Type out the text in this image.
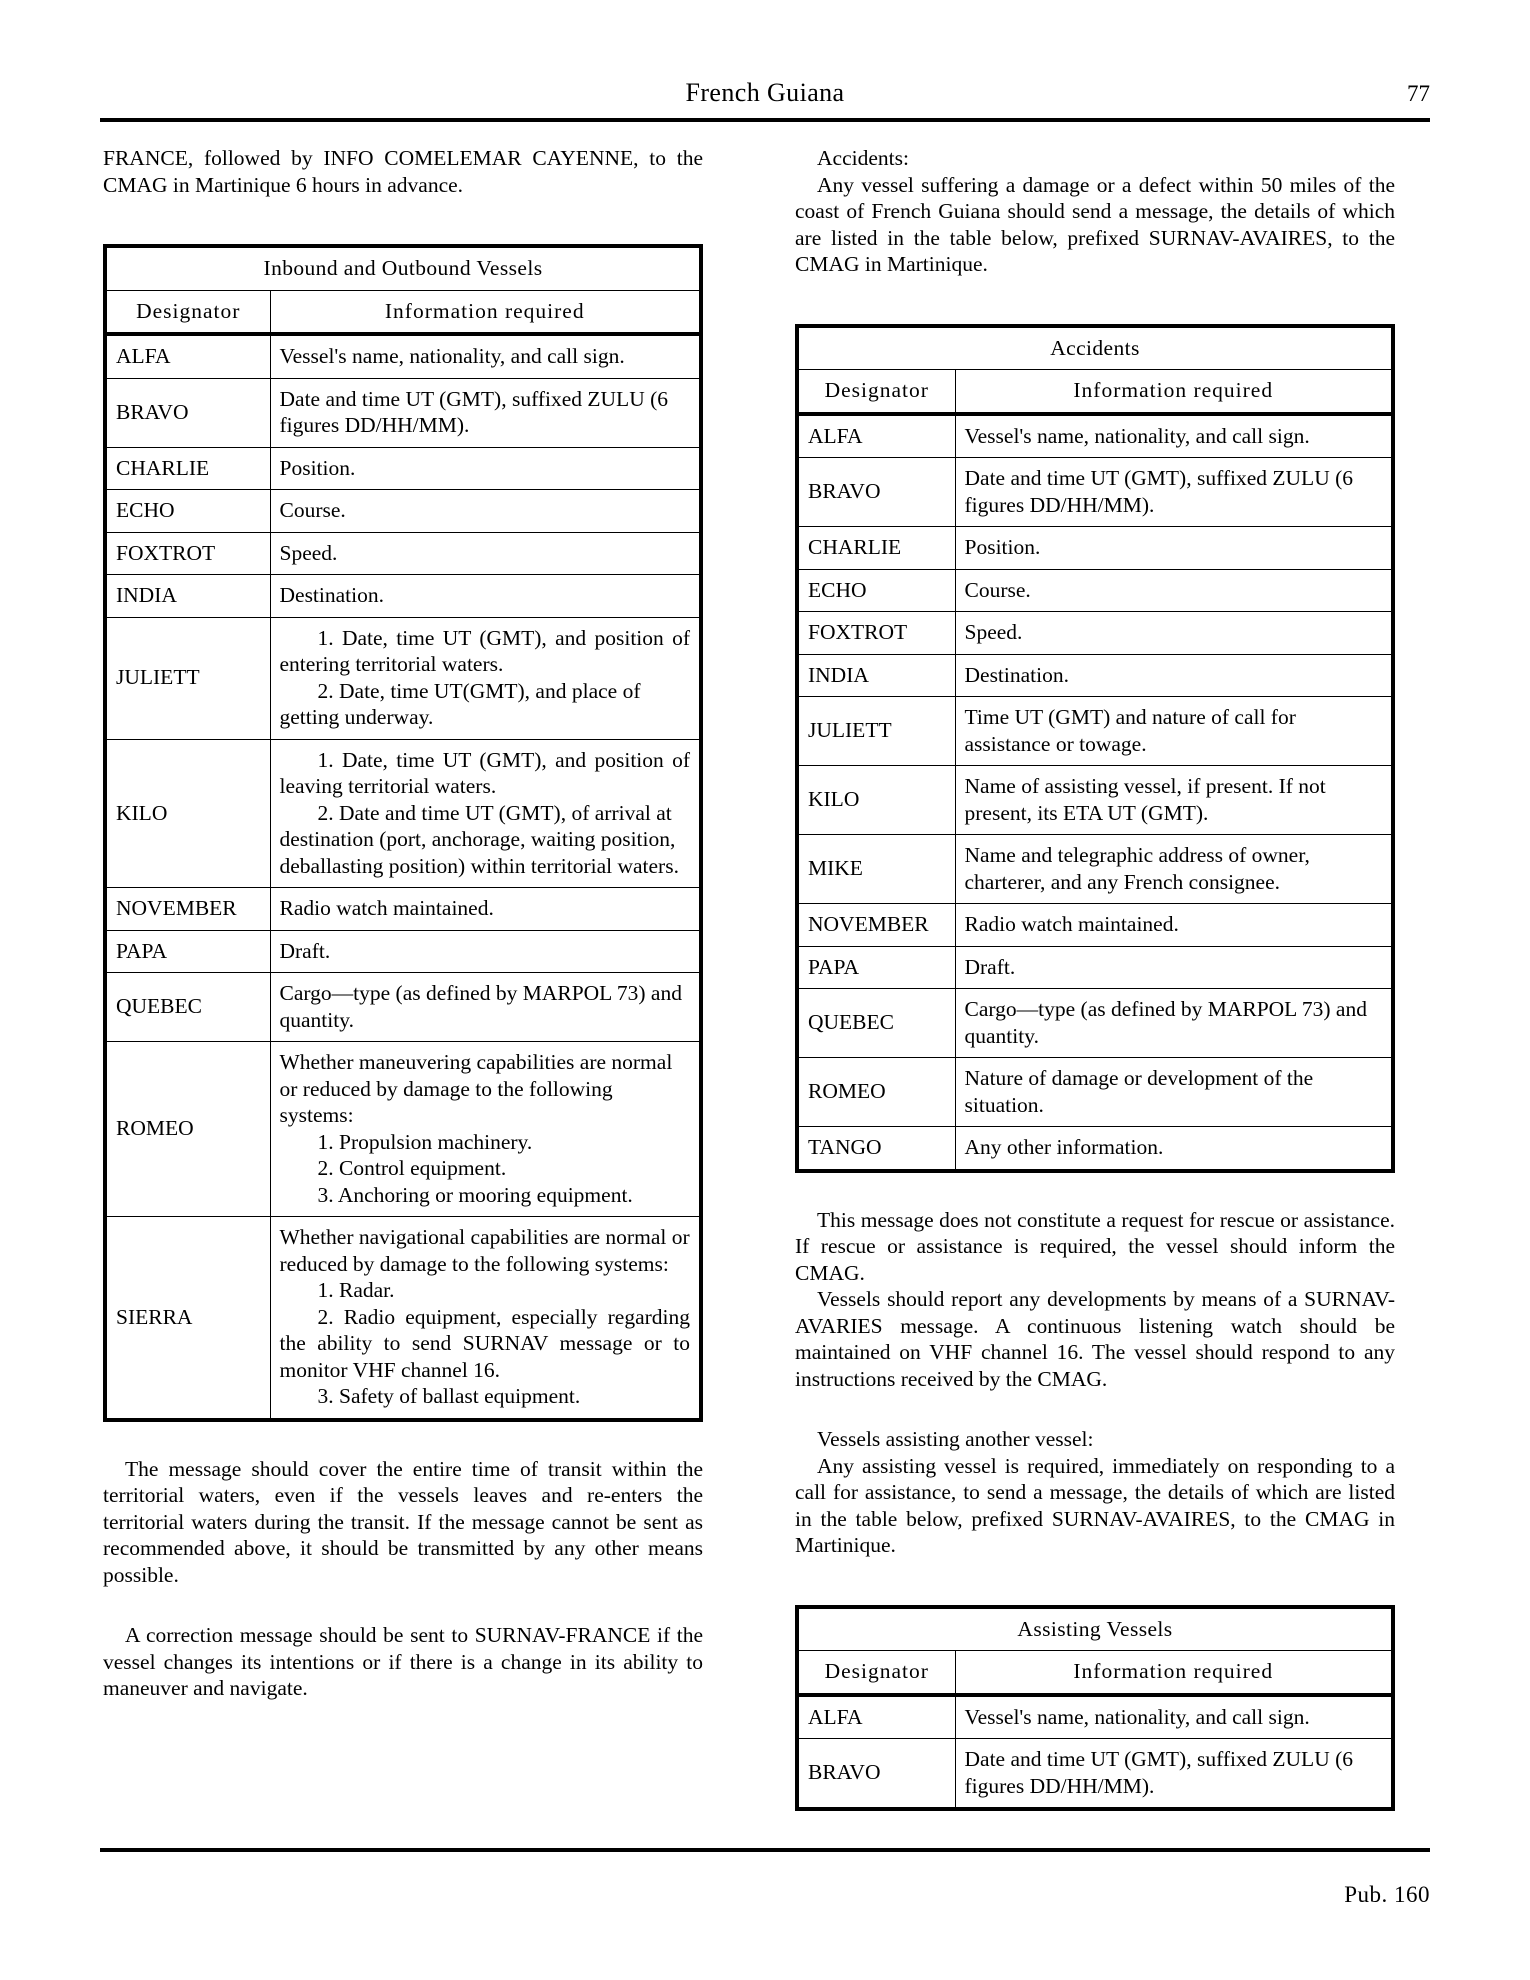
French Guiana	77

FRANCE, followed by INFO COMELEMAR CAYENNE, to the CMAG in Martinique 6 hours in advance.

Inbound and Outbound Vessels	
Designator	Information required
ALFA	Vessel's name, nationality, and call sign.
BRAVO	Date and time UT (GMT), suffixed ZULU (6 figures DD/HH/MM).
CHARLIE	Position.
ECHO	Course.
FOXTROT	Speed.
INDIA	Destination.
JULIETT	1. Date, time UT (GMT), and position of entering territorial waters.
2. Date, time UT(GMT), and place of getting underway.

KILO	1. Date, time UT (GMT), and position of leaving territorial waters.
2. Date and time UT (GMT), of arrival at destination (port, anchorage, waiting position, deballasting position) within territorial waters.

NOVEMBER	Radio watch maintained.
PAPA	Draft.
QUEBEC	Cargo—type (as defined by MARPOL 73) and quantity.
ROMEO	Whether maneuvering capabilities are normal or reduced by damage to the following systems:
1. Propulsion machinery.
2. Control equipment.
3. Anchoring or mooring equipment.

SIERRA	Whether navigational capabilities are normal or reduced by damage to the following systems:
1. Radar.
2. Radio equipment, especially regarding the ability to send SURNAV message or to monitor VHF channel 16.
3. Safety of ballast equipment.

The message should cover the entire time of transit within the territorial waters, even if the vessels leaves and re-enters the territorial waters during the transit. If the message cannot be sent as recommended above, it should be transmitted by any other means possible.

A correction message should be sent to SURNAV-FRANCE if the vessel changes its intentions or if there is a change in its ability to maneuver and navigate.

Accidents:

Any vessel suffering a damage or a defect within 50 miles of the coast of French Guiana should send a message, the details of which are listed in the table below, prefixed SURNAV-AVAIRES, to the CMAG in Martinique.

Accidents	
Designator	Information required
ALFA	Vessel's name, nationality, and call sign.
BRAVO	Date and time UT (GMT), suffixed ZULU (6 figures DD/HH/MM).
CHARLIE	Position.
ECHO	Course.
FOXTROT	Speed.
INDIA	Destination.
JULIETT	Time UT (GMT) and nature of call for assistance or towage.
KILO	Name of assisting vessel, if present. If not present, its ETA UT (GMT).
MIKE	Name and telegraphic address of owner, charterer, and any French consignee.
NOVEMBER	Radio watch maintained.
PAPA	Draft.
QUEBEC	Cargo—type (as defined by MARPOL 73) and quantity.
ROMEO	Nature of damage or development of the situation.
TANGO	Any other information.

This message does not constitute a request for rescue or assistance. If rescue or assistance is required, the vessel should inform the CMAG.

Vessels should report any developments by means of a SURNAV-AVARIES message. A continuous listening watch should be maintained on VHF channel 16. The vessel should respond to any instructions received by the CMAG.

Vessels assisting another vessel:

Any assisting vessel is required, immediately on responding to a call for assistance, to send a message, the details of which are listed in the table below, prefixed SURNAV-AVAIRES, to the CMAG in Martinique.

Assisting Vessels	
Designator	Information required
ALFA	Vessel's name, nationality, and call sign.
BRAVO	Date and time UT (GMT), suffixed ZULU (6 figures DD/HH/MM).
Pub. 160
